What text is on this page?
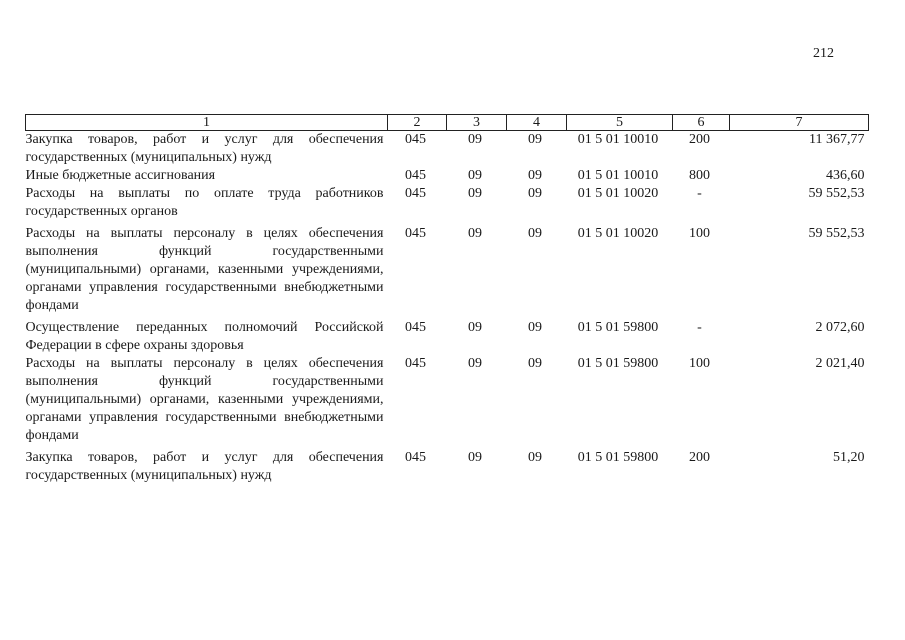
212
1	2	3	4	5	6	7
Закупка товаров, работ и услуг для обеспечения государственных (муниципальных) нужд	045	09	09	01 5 01 10010	200	11 367,77
Иные бюджетные ассигнования	045	09	09	01 5 01 10010	800	436,60
Расходы на выплаты по оплате труда работников государственных органов	045	09	09	01 5 01 10020	-	59 552,53
Расходы на выплаты персоналу в целях обеспечения выполнения функций государственными (муниципальными) органами, казенными учреждениями, органами управления государственными внебюджетными фондами	045	09	09	01 5 01 10020	100	59 552,53
Осуществление переданных полномочий Российской Федерации в сфере охраны здоровья	045	09	09	01 5 01 59800	-	2 072,60
Расходы на выплаты персоналу в целях обеспечения выполнения функций государственными (муниципальными) органами, казенными учреждениями, органами управления государственными внебюджетными фондами	045	09	09	01 5 01 59800	100	2 021,40
Закупка товаров, работ и услуг для обеспечения государственных (муниципальных) нужд	045	09	09	01 5 01 59800	200	51,20
